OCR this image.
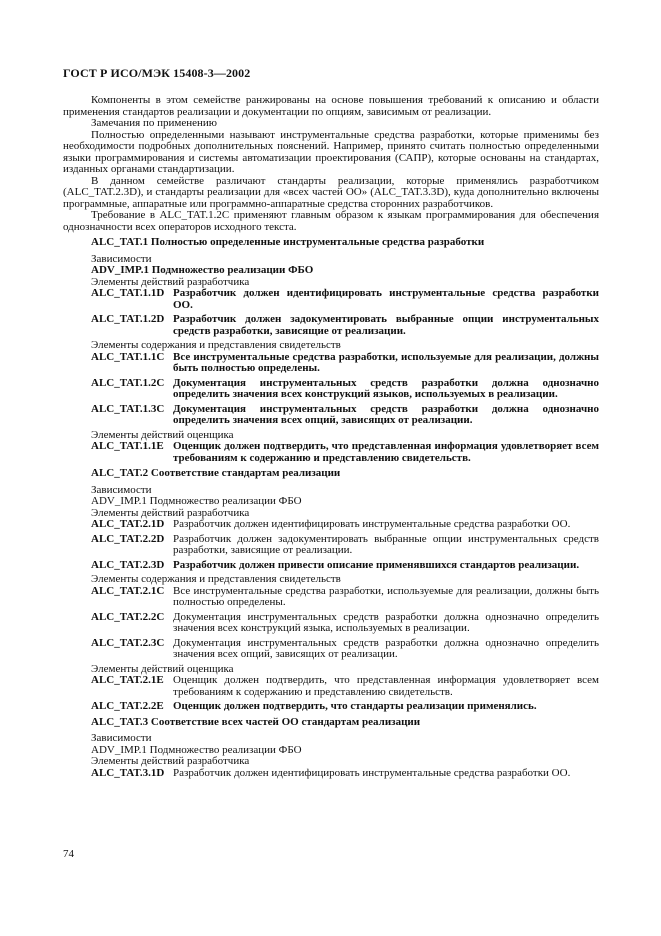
ГОСТ Р ИСО/МЭК 15408-3—2002

Компоненты в этом семействе ранжированы на основе повышения требований к описанию и области применения стандартов реализации и документации по опциям, зависимым от реализации.

Замечания по применению

Полностью определенными называют инструментальные средства разработки, которые применимы без необходимости подробных дополнительных пояснений. Например, принято считать полностью определенными языки программирования и системы автоматизации проектирования (САПР), которые основаны на стандартах, изданных органами стандартизации.

В данном семействе различают стандарты реализации, которые применялись разработчиком (ALC_TAT.2.3D), и стандарты реализации для «всех частей ОО» (ALC_TAT.3.3D), куда дополнительно включены программные, аппаратные или программно-аппаратные средства сторонних разработчиков.

Требование в ALC_TAT.1.2C применяют главным образом к языкам программирования для обеспечения однозначности всех операторов исходного текста.

ALC_TAT.1 Полностью определенные инструментальные средства разработки

Зависимости

ADV_IMP.1 Подмножество реализации ФБО

Элементы действий разработчика

ALC_TAT.1.1D Разработчик должен идентифицировать инструментальные средства разработки ОО.
ALC_TAT.1.2D Разработчик должен задокументировать выбранные опции инструментальных средств разработки, зависящие от реализации.

Элементы содержания и представления свидетельств

ALC_TAT.1.1C Все инструментальные средства разработки, используемые для реализации, должны быть полностью определены.
ALC_TAT.1.2C Документация инструментальных средств разработки должна однозначно определить значения всех конструкций языков, используемых в реализации.
ALC_TAT.1.3C Документация инструментальных средств разработки должна однозначно определить значения всех опций, зависящих от реализации.

Элементы действий оценщика

ALC_TAT.1.1E Оценщик должен подтвердить, что представленная информация удовлетворяет всем требованиям к содержанию и представлению свидетельств.

ALC_TAT.2 Соответствие стандартам реализации

Зависимости

ADV_IMP.1 Подмножество реализации ФБО

Элементы действий разработчика

ALC_TAT.2.1D Разработчик должен идентифицировать инструментальные средства разработки ОО.
ALC_TAT.2.2D Разработчик должен задокументировать выбранные опции инструментальных средств разработки, зависящие от реализации.
ALC_TAT.2.3D Разработчик должен привести описание применявшихся стандартов реализации.

Элементы содержания и представления свидетельств

ALC_TAT.2.1C Все инструментальные средства разработки, используемые для реализации, должны быть полностью определены.
ALC_TAT.2.2C Документация инструментальных средств разработки должна однозначно определить значения всех конструкций языка, используемых в реализации.
ALC_TAT.2.3C Документация инструментальных средств разработки должна однозначно определить значения всех опций, зависящих от реализации.

Элементы действий оценщика

ALC_TAT.2.1E Оценщик должен подтвердить, что представленная информация удовлетворяет всем требованиям к содержанию и представлению свидетельств.
ALC_TAT.2.2E Оценщик должен подтвердить, что стандарты реализации применялись.

ALC_TAT.3 Соответствие всех частей ОО стандартам реализации

Зависимости

ADV_IMP.1 Подмножество реализации ФБО

Элементы действий разработчика

ALC_TAT.3.1D Разработчик должен идентифицировать инструментальные средства разработки ОО.
74
